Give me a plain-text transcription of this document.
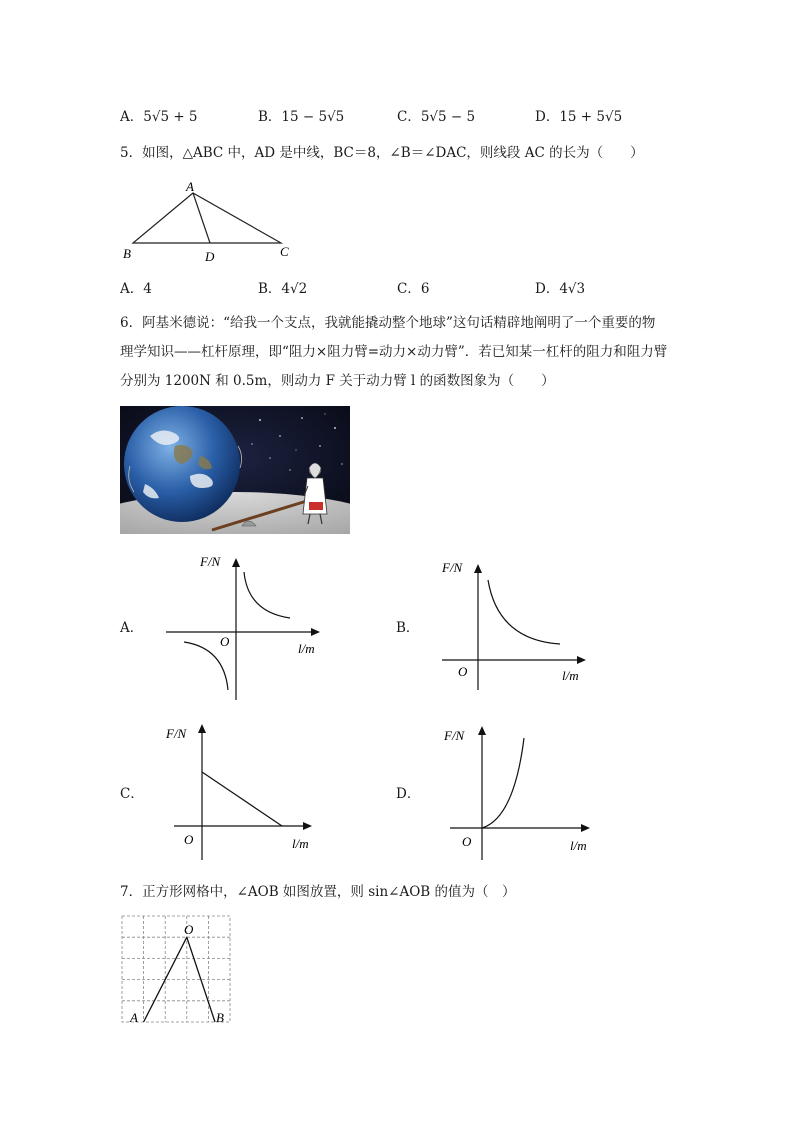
A．5√5 + 5	B．15 − 5√5	C．5√5 − 5	D．15 + 5√5
5．如图，△ABC 中，AD 是中线，BC＝8，∠B＝∠DAC，则线段 AC 的长为（　　）
A
B	C
D
A．4	B．4√2	C．6	D．4√3
6．阿基米德说：“给我一个支点，我就能撬动整个地球”这句话精辟地阐明了一个重要的物
理学知识——杠杆原理，即“阻力×阻力臂=动力×动力臂”．若已知某一杠杆的阻力和阻力臂
分别为 1200N 和 0.5m，则动力 F 关于动力臂 l 的函数图象为（　　）
F/N
O	l/m
A．
F/N
O	l/m
B．
F/N
O	l/m
C．
F/N
O	l/m
D．
7．正方形网格中，∠AOB 如图放置，则 sin∠AOB 的值为（　）
O
A	B
